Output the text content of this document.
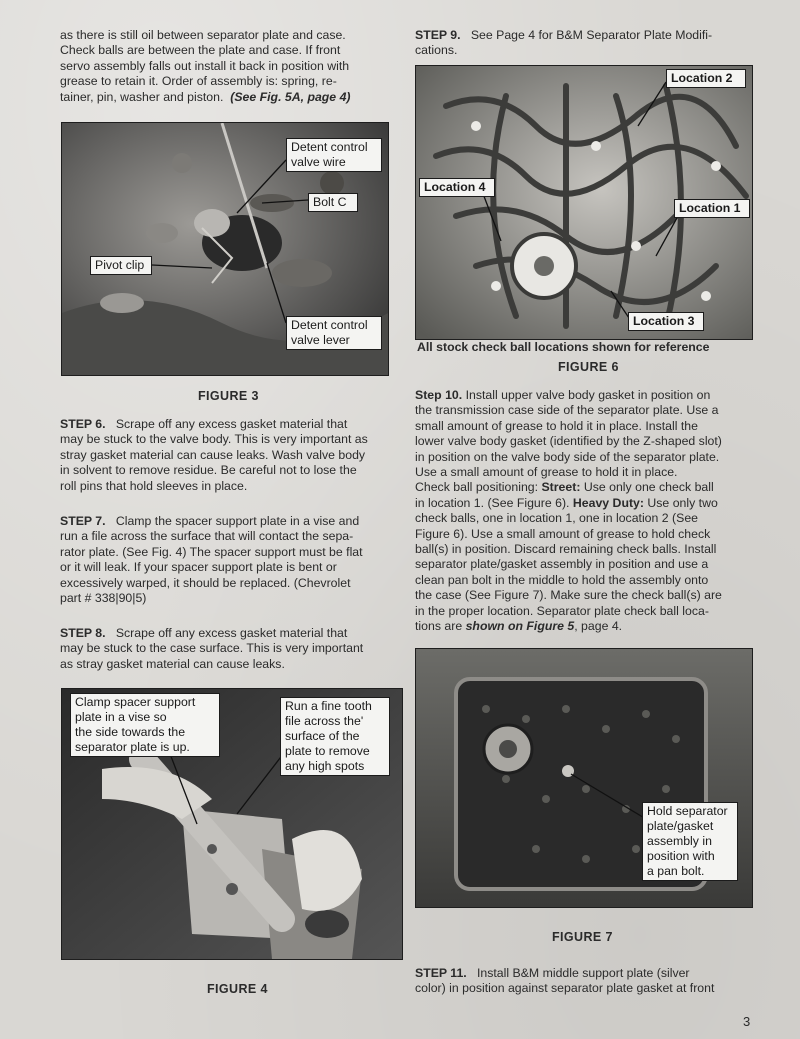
as there is still oil between separator plate and case.

Check balls are between the plate and case. If front

servo assembly falls out install it back in position with

grease to retain it. Order of assembly is: spring, re-

tainer, pin, washer and piston. (See Fig. 5A, page 4)

Detent control
valve wire
Bolt C
Pivot clip
Detent control
valve lever
FIGURE 3

STEP 6. Scrape off any excess gasket material that

may be stuck to the valve body. This is very important as

stray gasket material can cause leaks. Wash valve body

in solvent to remove residue. Be careful not to lose the

roll pins that hold sleeves in place.

STEP 7. Clamp the spacer support plate in a vise and

run a file across the surface that will contact the sepa-

rator plate. (See Fig. 4) The spacer support must be flat

or it will leak. If your spacer support plate is bent or

excessively warped, it should be replaced. (Chevrolet

part # 338|90|5)

STEP 8. Scrape off any excess gasket material that

may be stuck to the case surface. This is very important

as stray gasket material can cause leaks.

Clamp spacer support
plate in a vise so
the side towards the
separator plate is up.
Run a fine tooth
file across the'
surface of the
plate to remove
any high spots
FIGURE 4

STEP 9. See Page 4 for B&M Separator Plate Modifi-

cations.

Location 2
Location 4
Location 1
Location 3
All stock check ball locations shown for reference
FIGURE 6

Step 10. Install upper valve body gasket in position on

the transmission case side of the separator plate. Use a

small amount of grease to hold it in place. Install the

lower valve body gasket (identified by the Z-shaped slot)

in position on the valve body side of the separator plate.

Use a small amount of grease to hold it in place.

Check ball positioning: Street: Use only one check ball

in location 1. (See Figure 6). Heavy Duty: Use only two

check balls, one in location 1, one in location 2 (See

Figure 6). Use a small amount of grease to hold check

ball(s) in position. Discard remaining check balls. Install

separator plate/gasket assembly in position and use a

clean pan bolt in the middle to hold the assembly onto

the case (See Figure 7). Make sure the check ball(s) are

in the proper location. Separator plate check ball loca-

tions are shown on Figure 5, page 4.

Hold separator
plate/gasket
assembly in
position with
a pan bolt.
FIGURE 7

STEP 11. Install B&M middle support plate (silver

color) in position against separator plate gasket at front

3
